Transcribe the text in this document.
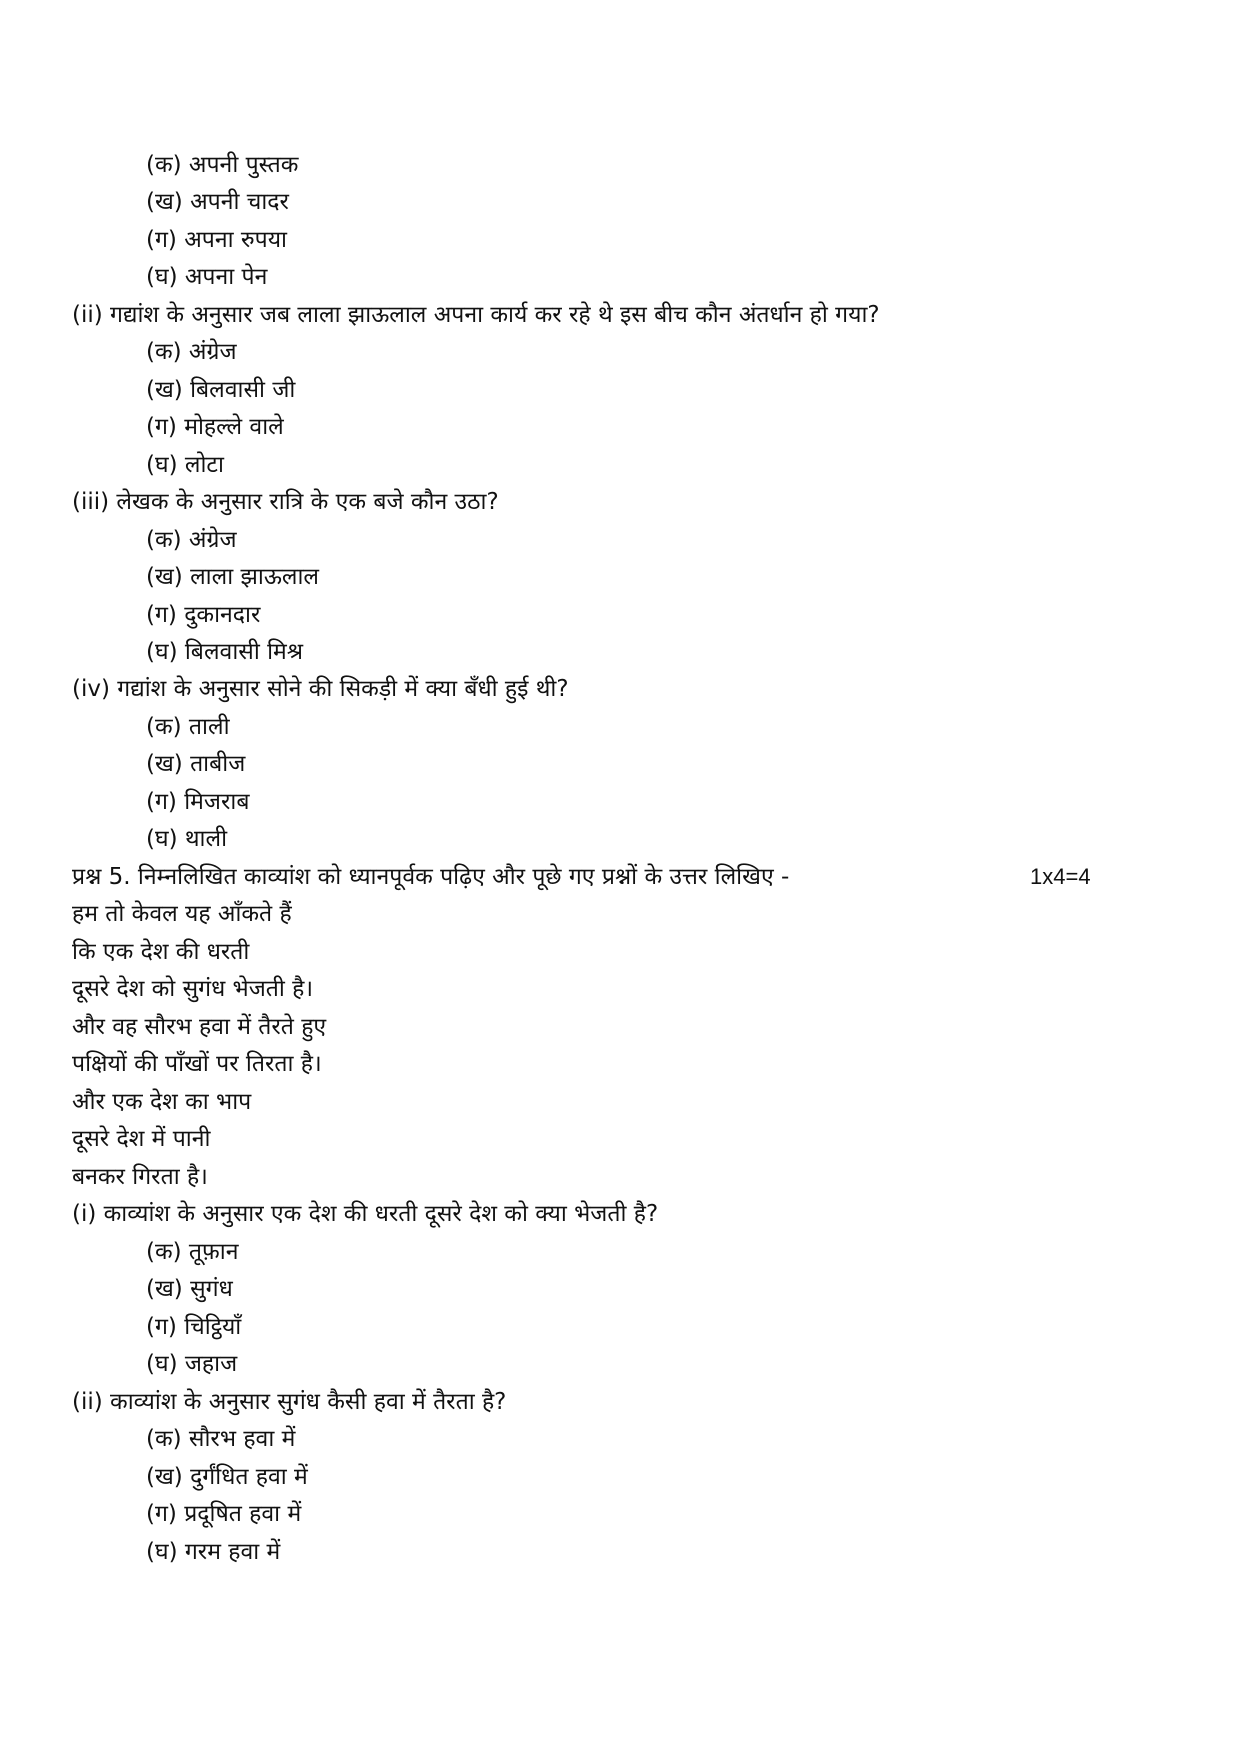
(क) अपनी पुस्तक
(ख) अपनी चादर
(ग) अपना रुपया
(घ) अपना पेन
(ii) गद्यांश के अनुसार जब लाला झाऊलाल अपना कार्य कर रहे थे इस बीच कौन अंतर्धान हो गया?
(क) अंग्रेज
(ख) बिलवासी जी
(ग) मोहल्ले वाले
(घ) लोटा
(iii) लेखक के अनुसार रात्रि के एक बजे कौन उठा?
(क) अंग्रेज
(ख) लाला झाऊलाल
(ग) दुकानदार
(घ) बिलवासी मिश्र
(iv) गद्यांश के अनुसार सोने की सिकड़ी में क्या बँधी हुई थी?
(क) ताली
(ख) ताबीज
(ग) मिजराब
(घ) थाली
प्रश्न 5. निम्नलिखित काव्यांश को ध्यानपूर्वक पढ़िए और पूछे गए प्रश्नों के उत्तर लिखिए -	1x4=4
हम तो केवल यह आँकते हैं
कि एक देश की धरती
दूसरे देश को सुगंध भेजती है।
और वह सौरभ हवा में तैरते हुए
पक्षियों की पाँखों पर तिरता है।
और एक देश का भाप
दूसरे देश में पानी
बनकर गिरता है।
(i) काव्यांश के अनुसार एक देश की धरती दूसरे देश को क्या भेजती है?
(क) तूफ़ान
(ख) सुगंध
(ग) चिट्ठियाँ
(घ) जहाज
(ii) काव्यांश के अनुसार सुगंध कैसी हवा में तैरता है?
(क) सौरभ हवा में
(ख) दुर्गंधित हवा में
(ग) प्रदूषित हवा में
(घ) गरम हवा में
